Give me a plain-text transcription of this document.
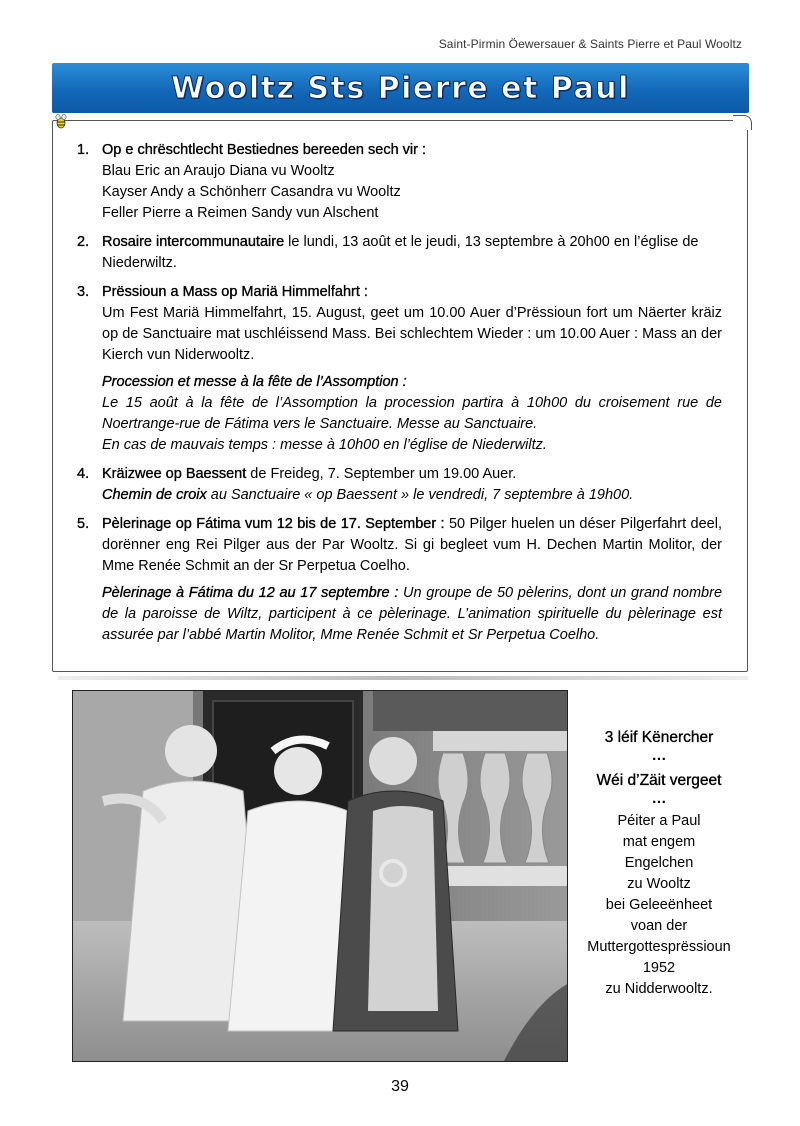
Saint-Pirmin Öewersauer & Saints Pierre et Paul Wooltz
Wooltz Sts Pierre et Paul
1. Op e chrëschtlecht Bestiednes bereeden sech vir :
Blau Eric an Araujo Diana vu Wooltz
Kayser Andy a Schönherr Casandra vu Wooltz
Feller Pierre a Reimen Sandy vun Alschent
2. Rosaire intercommunautaire le lundi, 13 août et le jeudi, 13 septembre à 20h00 en l’église de Niederwiltz.
3. Prëssioun a Mass op Mariä Himmelfahrt :
Um Fest Mariä Himmelfahrt, 15. August, geet um 10.00 Auer d’Prëssioun fort um Näerter kräiz op de Sanctuaire mat uschléissend Mass. Bei schlechtem Wieder : um 10.00 Auer : Mass an der Kierch vun Niderwooltz.
Procession et messe à la fête de l’Assomption :
Le 15 août à la fête de l’Assomption la procession partira à 10h00 du croisement rue de Noertrange-rue de Fátima vers le Sanctuaire. Messe au Sanctuaire.
En cas de mauvais temps : messe à 10h00 en l’église de Niederwiltz.
4. Kräizwee op Baessent de Freideg, 7. September um 19.00 Auer.
Chemin de croix au Sanctuaire « op Baessent » le vendredi, 7 septembre à 19h00.
5. Pèlerinage op Fátima vum 12 bis de 17. September : 50 Pilger huelen un déser Pilgerfahrt deel, dorënner eng Rei Pilger aus der Par Wooltz. Si gi begleet vum H. Dechen Martin Molitor, der Mme Renée Schmit an der Sr Perpetua Coelho.
Pèlerinage à Fátima du 12 au 17 septembre : Un groupe de 50 pèlerins, dont un grand nombre de la paroisse de Wiltz, participent à ce pèlerinage. L’animation spirituelle du pèlerinage est assurée par l’abbé Martin Molitor, Mme Renée Schmit et Sr Perpetua Coelho.
3 léif Kënercher
…
Wéi d’Zäit vergeet
…
Péiter a Paul
mat engem
Engelchen
zu Wooltz
bei Geleeënheet
voan der
Muttergottesprëssioun
1952
zu Nidderwooltz.
39
